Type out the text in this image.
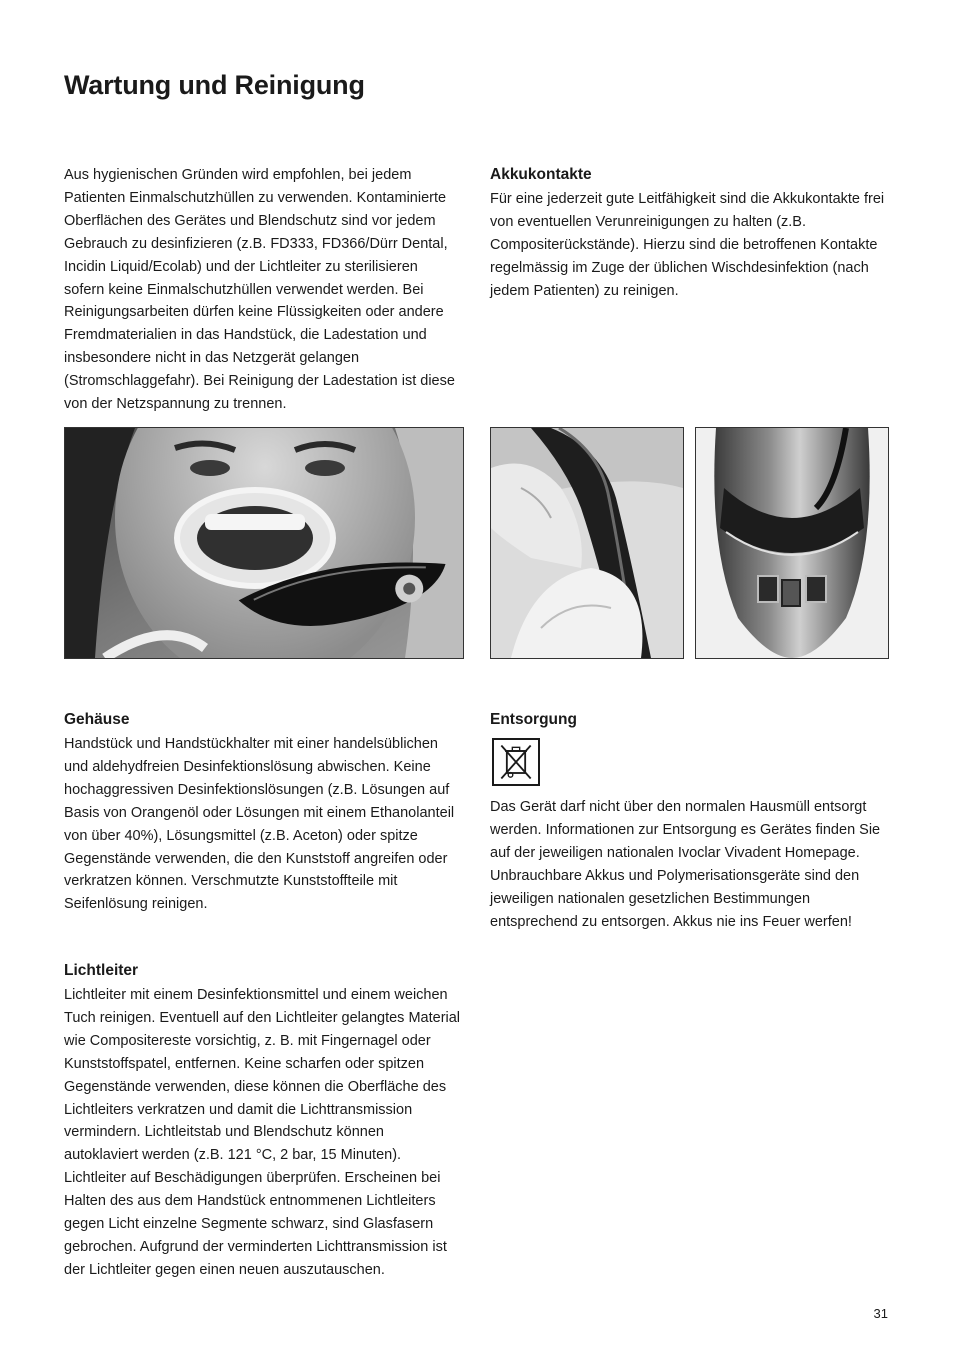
Wartung und Reinigung

Aus hygienischen Gründen wird empfohlen, bei jedem Patienten Einmalschutzhüllen zu verwenden. Kontaminierte Oberflächen des Gerätes und Blendschutz sind vor jedem Gebrauch zu desinfizieren (z.B. FD333, FD366/Dürr Dental, Incidin Liquid/Ecolab) und der Lichtleiter zu sterilisieren sofern keine Einmalschutzhüllen verwendet werden. Bei Reinigungsarbeiten dürfen keine Flüssigkeiten oder andere Fremdmaterialien in das Handstück, die Ladestation und insbesondere nicht in das Netzgerät gelangen (Stromschlaggefahr). Bei Reinigung der Ladestation ist diese von der Netzspannung zu trennen.

Akkukontakte

Für eine jederzeit gute Leitfähigkeit sind die Akkukontakte frei von eventuellen Verunreinigungen zu halten (z.B. Compositerückstände). Hierzu sind die betroffenen Kontakte regelmässig im Zuge der üblichen Wischdesinfektion (nach jedem Patienten) zu reinigen.

Gehäuse

Handstück und Handstückhalter mit einer handelsüblichen und aldehydfreien Desinfektionslösung abwischen. Keine hochaggressiven Desinfektionslösungen (z.B. Lösungen auf Basis von Orangenöl oder Lösungen mit einem Ethanolanteil von über 40%), Lösungsmittel (z.B. Aceton) oder spitze Gegenstände verwenden, die den Kunststoff angreifen oder verkratzen können. Verschmutzte Kunststoffteile mit Seifenlösung reinigen.

Lichtleiter

Lichtleiter mit einem Desinfektionsmittel und einem weichen Tuch reinigen. Eventuell auf den Lichtleiter gelangtes Material wie Compositereste vorsichtig, z. B. mit Fingernagel oder Kunststoffspatel, entfernen. Keine scharfen oder spitzen Gegenstände verwenden, diese können die Oberfläche des Lichtleiters verkratzen und damit die Lichttransmission vermindern. Lichtleitstab und Blendschutz können autoklaviert werden (z.B. 121 °C, 2 bar, 15 Minuten). Lichtleiter auf Beschädigungen überprüfen. Erscheinen bei Halten des aus dem Handstück entnommenen Lichtleiters gegen Licht einzelne Segmente schwarz, sind Glasfasern gebrochen. Aufgrund der verminderten Lichttransmission ist der Lichtleiter gegen einen neuen auszutauschen.

Entsorgung

Das Gerät darf nicht über den normalen Hausmüll entsorgt werden. Informationen zur Entsorgung es Gerätes finden Sie auf der jeweiligen nationalen Ivoclar Vivadent Homepage. Unbrauchbare Akkus und Polymerisationsgeräte sind den jeweiligen nationalen gesetzlichen Bestimmungen entsprechend zu entsorgen. Akkus nie ins Feuer werfen!

31
